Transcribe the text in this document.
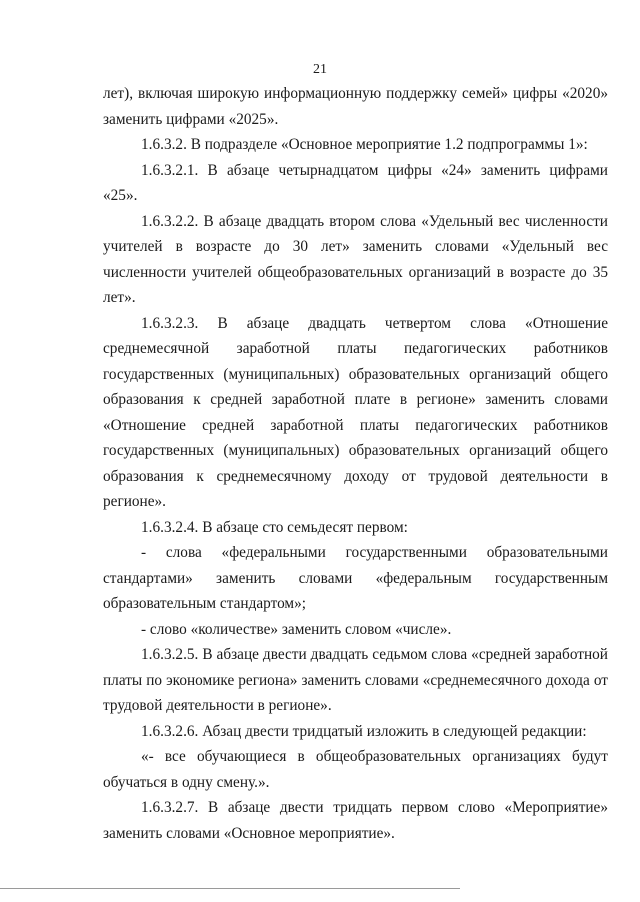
21

лет), включая широкую информационную поддержку семей» цифры «2020» заменить цифрами «2025».

1.6.3.2. В подразделе «Основное мероприятие 1.2 подпрограммы 1»:

1.6.3.2.1. В абзаце четырнадцатом цифры «24» заменить цифрами «25».

1.6.3.2.2. В абзаце двадцать втором слова «Удельный вес численности учителей в возрасте до 30 лет» заменить словами «Удельный вес численности учителей общеобразовательных организаций в возрасте до 35 лет».

1.6.3.2.3. В абзаце двадцать четвертом слова «Отношение среднемесячной заработной платы педагогических работников государственных (муниципальных) образовательных организаций общего образования к средней заработной плате в регионе» заменить словами «Отношение средней заработной платы педагогических работников государственных (муниципальных) образовательных организаций общего образования к среднемесячному доходу от трудовой деятельности в регионе».

1.6.3.2.4. В абзаце сто семьдесят первом:

- слова «федеральными государственными образовательными стандартами» заменить словами «федеральным государственным образовательным стандартом»;

- слово «количестве» заменить словом «числе».

1.6.3.2.5. В абзаце двести двадцать седьмом слова «средней заработной платы по экономике региона» заменить словами «среднемесячного дохода от трудовой деятельности в регионе».

1.6.3.2.6. Абзац двести тридцатый изложить в следующей редакции:

«- все обучающиеся в общеобразовательных организациях будут обучаться в одну смену.».

1.6.3.2.7. В абзаце двести тридцать первом слово «Мероприятие» заменить словами «Основное мероприятие».
